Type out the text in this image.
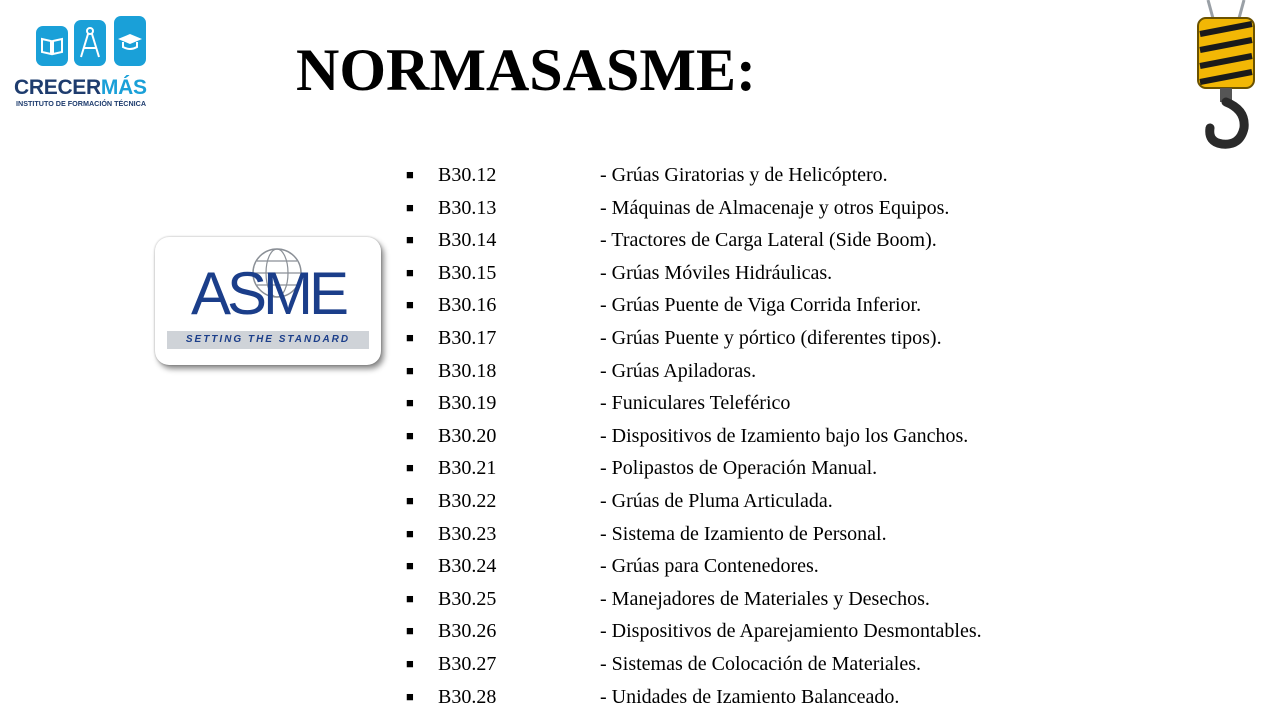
CRECERMÁS
INSTITUTO DE FORMACIÓN TÉCNICA
NORMASASME:
ASME
SETTING THE STANDARD
■	B30.12	- Grúas Giratorias y de Helicóptero.
■	B30.13	- Máquinas de Almacenaje y otros Equipos.
■	B30.14	- Tractores de Carga Lateral (Side Boom).
■	B30.15	- Grúas Móviles Hidráulicas.
■	B30.16	- Grúas Puente de Viga Corrida Inferior.
■	B30.17	- Grúas Puente y pórtico (diferentes tipos).
■	B30.18	- Grúas Apiladoras.
■	B30.19	- Funiculares Teleférico
■	B30.20	- Dispositivos de Izamiento bajo los Ganchos.
■	B30.21	- Polipastos de Operación Manual.
■	B30.22	- Grúas de Pluma Articulada.
■	B30.23	- Sistema de Izamiento de Personal.
■	B30.24	- Grúas para Contenedores.
■	B30.25	- Manejadores de Materiales y Desechos.
■	B30.26	- Dispositivos de Aparejamiento Desmontables.
■	B30.27	- Sistemas de Colocación de Materiales.
■	B30.28	- Unidades de Izamiento Balanceado.
